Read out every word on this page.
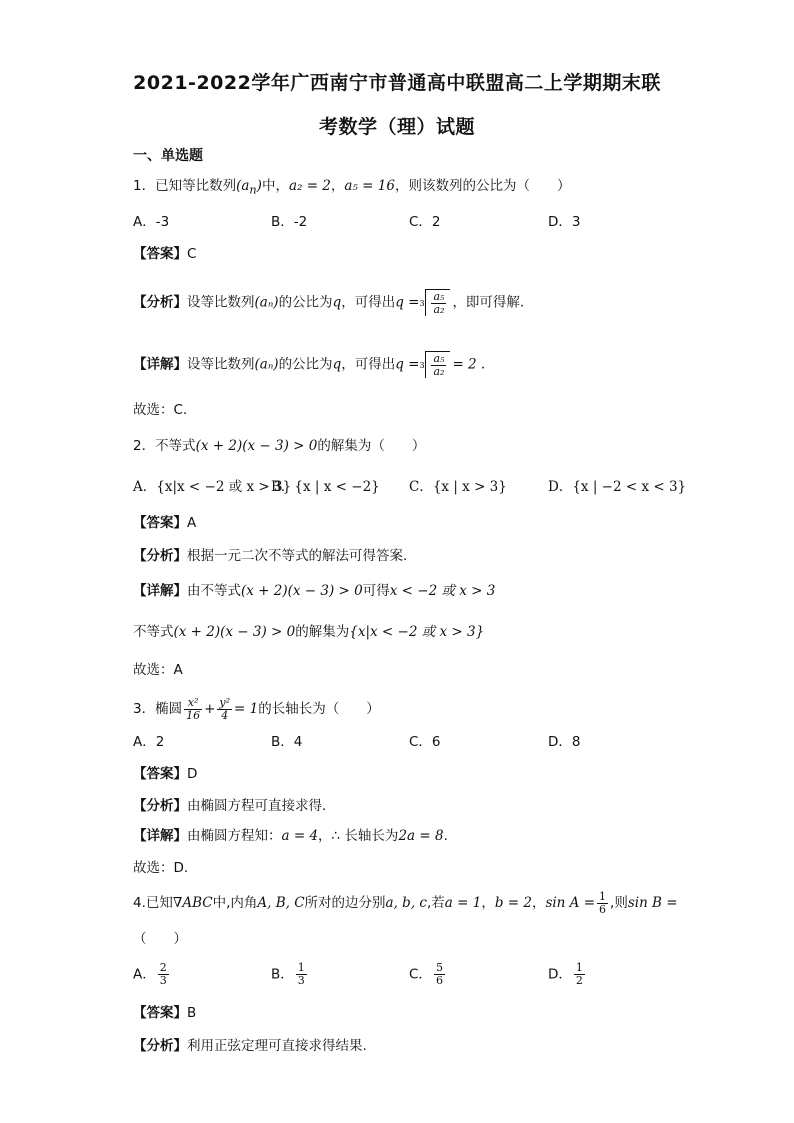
2021-2022学年广西南宁市普通高中联盟高二上学期期末联
考数学（理）试题
一、单选题
1．已知等比数列$(a_n)$中，a₂ = 2，a₅ = 16，则该数列的公比为（　　）
A．-3	B．-2	C．2	D．3
【答案】C
【分析】设等比数列(aₙ)的公比为q，可得出$q = 3 \frac{\text{a₅}}{\text{a₂}}$ ，即可得解.
【详解】设等比数列(aₙ)的公比为q，可得出$q = 3 \frac{\text{a₅}}{\text{a₂}} = 2$ .
故选：C.
2．不等式(x + 2)(x − 3) > 0的解集为（　　）
A．{x|x < −2 或 x > 3}
B．{x | x < −2} C．{x | x > 3}	D．{x | −2 < x < 3}
【答案】A
【分析】根据一元二次不等式的解法可得答案.
【详解】由不等式(x + 2)(x − 3) > 0可得x < −2 或 x > 3
不等式(x + 2)(x − 3) > 0的解集为{x|x < −2 或 x > 3}
故选：A
3．椭圆 $\frac{\text{x²}}{16} + \frac{\text{y²}}{4} = 1$的长轴长为（　　）
A．2	B．4	C．6	D．8
【答案】D
【分析】由椭圆方程可直接求得.
【详解】由椭圆方程知：a = 4，∴ 长轴长为2a = 8.
故选：D.
4.已知∇ABC中,内角A, B, C所对的边分别a, b, c,若a = 1，b = 2，$\sin A = \frac{1}{6}$ ,则sin B =
（　　）
A． $\frac{2}{3}$	B． $\frac{1}{3}$	C． $\frac{5}{6}$	D． $\frac{1}{2}$
【答案】B
【分析】利用正弦定理可直接求得结果.
